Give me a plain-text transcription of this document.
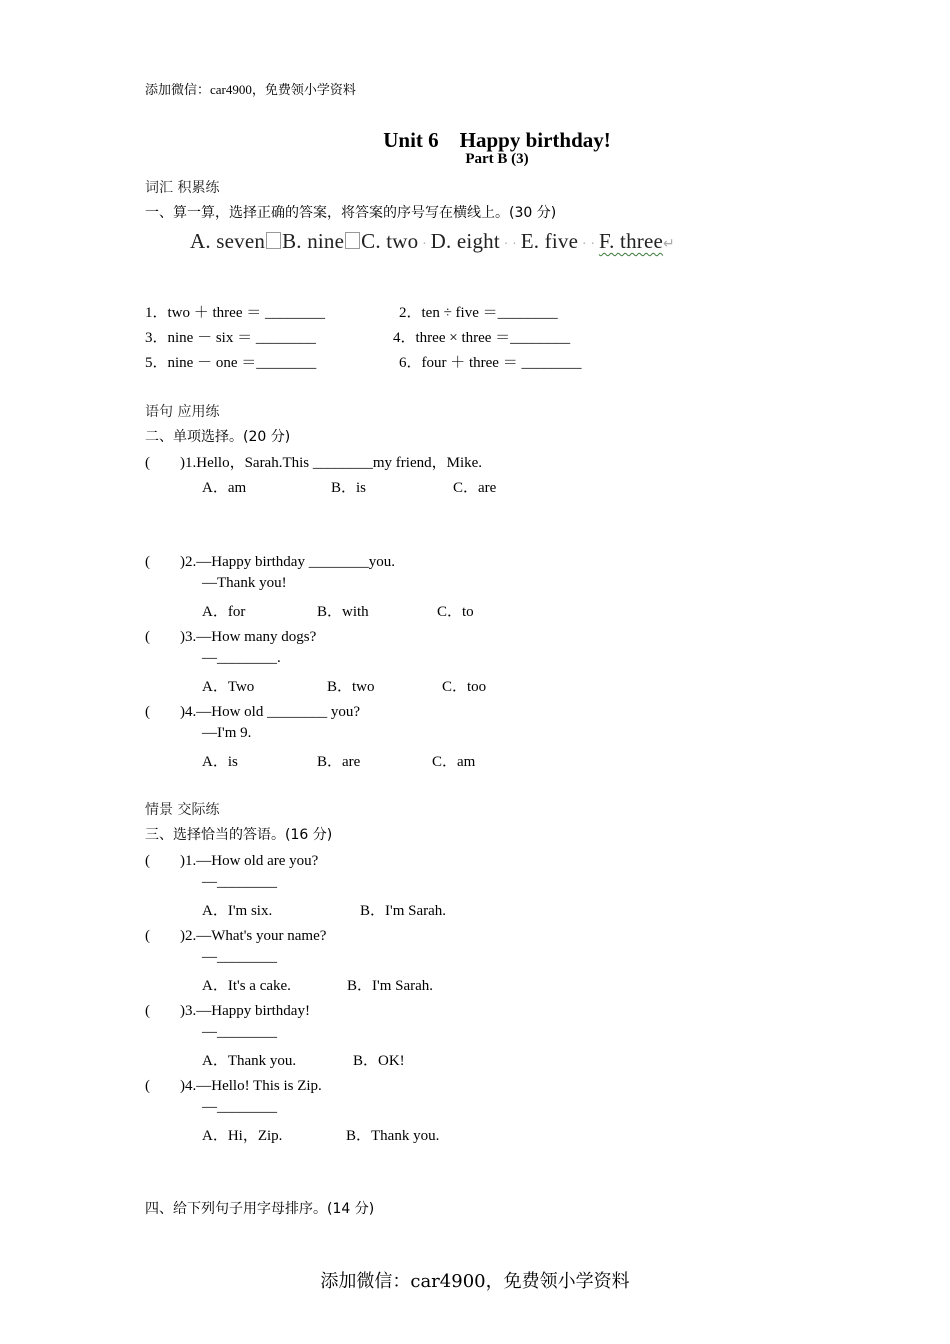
添加微信：car4900，免费领小学资料
Unit 6　Happy birthday!
Part B (3)
词汇 积累练
一、算一算，选择正确的答案，将答案的序号写在横线上。(30 分)
A. seven B. nine C. two · D. eight · · E. five · · F. three↵
1．two ＋ three ＝ ________	2．ten ÷ five ＝________
3．nine － six ＝ ________	4．three × three ＝________
5．nine － one ＝________	6．four ＋ three ＝ ________
语句 应用练
二、单项选择。(20 分)
(　　)1.Hello，Sarah.This ________my friend，Mike.
A．am	B．is	C．are
(　　)2.—Happy birthday ________you.
—Thank you!
A．for	B．with	C．to
(　　)3.—How many dogs?
—________.
A．Two	B．two	C．too
(　　)4.—How old ________ you?
—I'm 9.
A．is	B．are	C．am
情景 交际练
三、选择恰当的答语。(16 分)
(　　)1.—How old are you?
—________
A．I'm six.	B．I'm Sarah.
(　　)2.—What's your name?
—________
A．It's a cake.	B．I'm Sarah.
(　　)3.—Happy birthday!
—________
A．Thank you.	B．OK!
(　　)4.—Hello! This is Zip.
—________
A．Hi，Zip.	B．Thank you.
四、给下列句子用字母排序。(14 分)
添加微信：car4900，免费领小学资料
